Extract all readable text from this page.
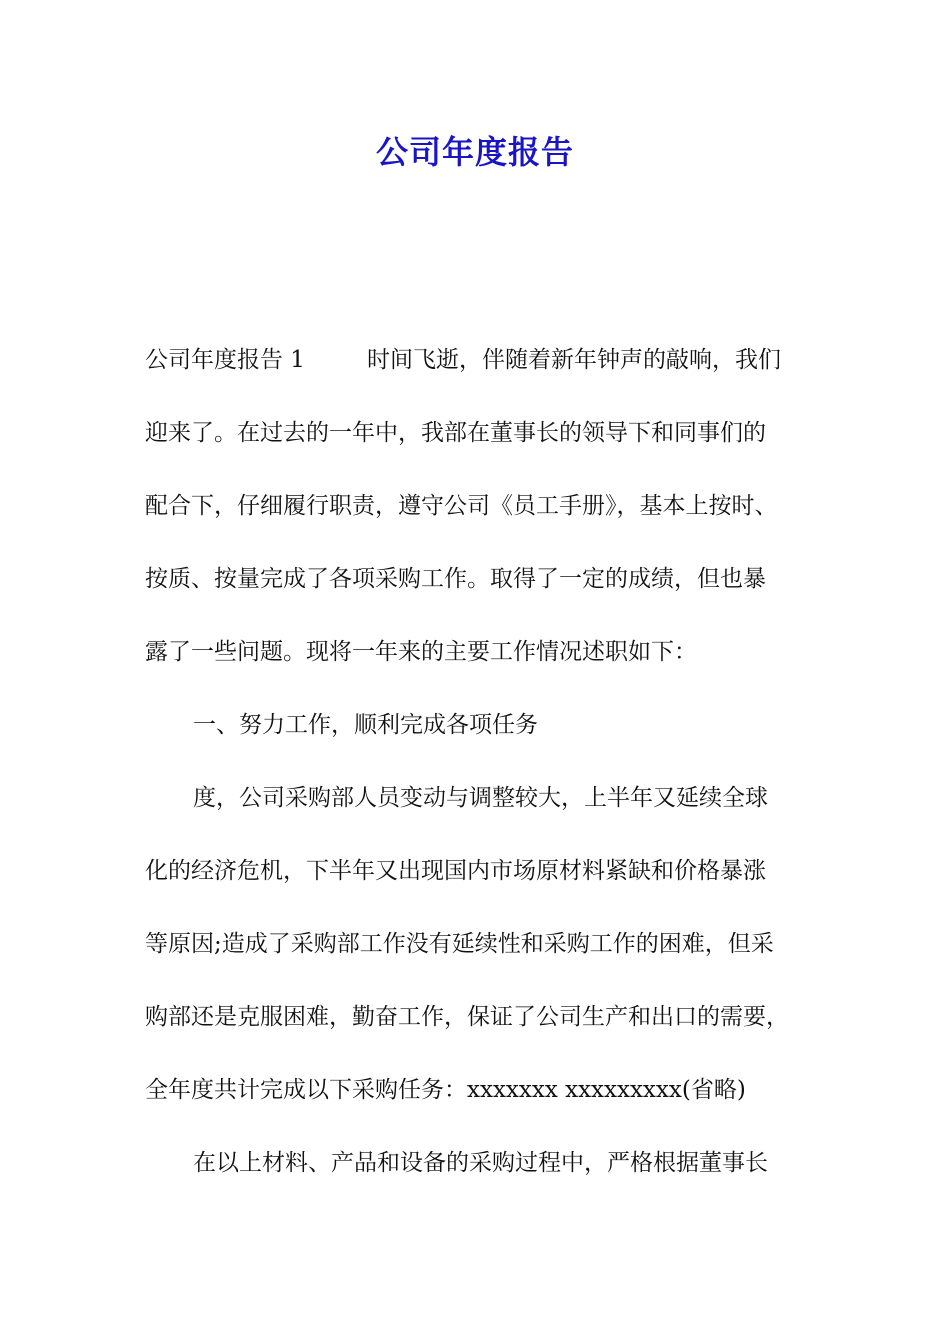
公司年度报告
公司年度报告 1	时间飞逝，伴随着新年钟声的敲响，我们
迎来了。在过去的一年中，我部在董事长的领导下和同事们的
配合下，仔细履行职责，遵守公司《员工手册》，基本上按时、
按质、按量完成了各项采购工作。取得了一定的成绩，但也暴
露了一些问题。现将一年来的主要工作情况述职如下：
一、努力工作，顺利完成各项任务
度，公司采购部人员变动与调整较大，上半年又延续全球
化的经济危机，下半年又出现国内市场原材料紧缺和价格暴涨
等原因;造成了采购部工作没有延续性和采购工作的困难，但采
购部还是克服困难，勤奋工作，保证了公司生产和出口的需要，
全年度共计完成以下采购任务：xxxxxxx xxxxxxxxx(省略)
在以上材料、产品和设备的采购过程中，严格根据董事长
